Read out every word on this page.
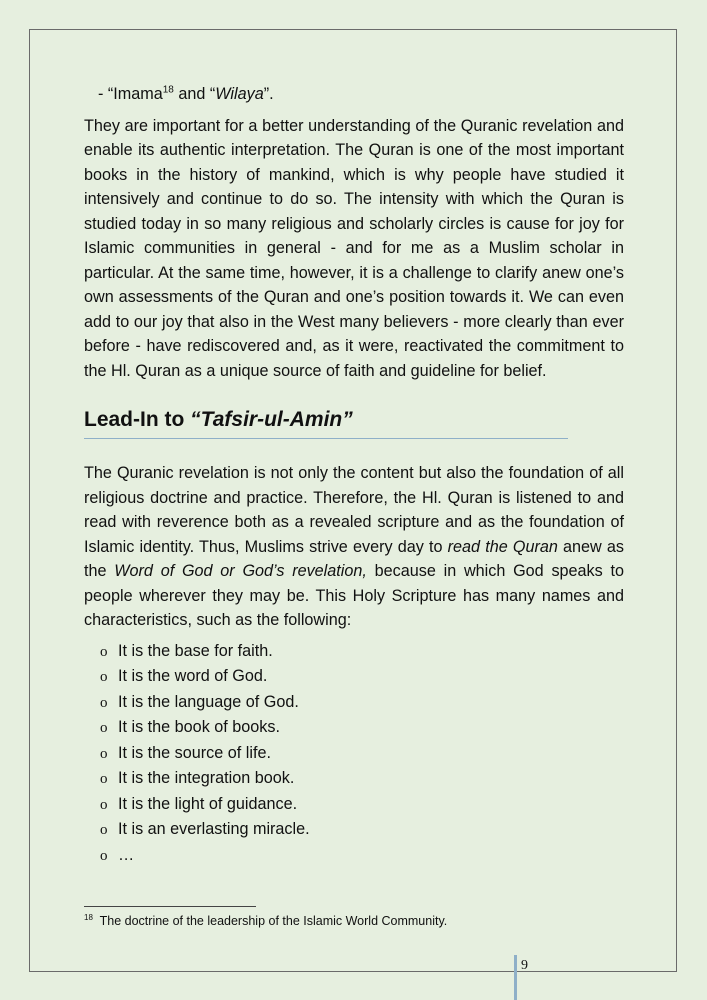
- “Imama$^{18}$ and “Wilaya”.

They are important for a better understanding of the Quranic revelation and enable its authentic interpretation. The Quran is one of the most important books in the history of mankind, which is why people have studied it intensively and continue to do so. The intensity with which the Quran is studied today in so many religious and scholarly circles is cause for joy for Islamic communities in general - and for me as a Muslim scholar in particular. At the same time, however, it is a challenge to clarify anew one’s own assessments of the Quran and one’s position towards it. We can even add to our joy that also in the West many believers - more clearly than ever before - have rediscovered and, as it were, reactivated the commitment to the Hl. Quran as a unique source of faith and guideline for belief.

Lead-In to “Tafsir-ul-Amin”

The Quranic revelation is not only the content but also the foundation of all religious doctrine and practice. Therefore, the Hl. Quran is listened to and read with reverence both as a revealed scripture and as the foundation of Islamic identity. Thus, Muslims strive every day to read the Quran anew as the Word of God or God’s revelation, because in which God speaks to people wherever they may be. This Holy Scripture has many names and characteristics, such as the following:

o It is the base for faith.
o It is the word of God.
o It is the language of God.
o It is the book of books.
o It is the source of life.
o It is the integration book.
o It is the light of guidance.
o It is an everlasting miracle.
o …
$^{18}$ The doctrine of the leadership of the Islamic World Community.
9
